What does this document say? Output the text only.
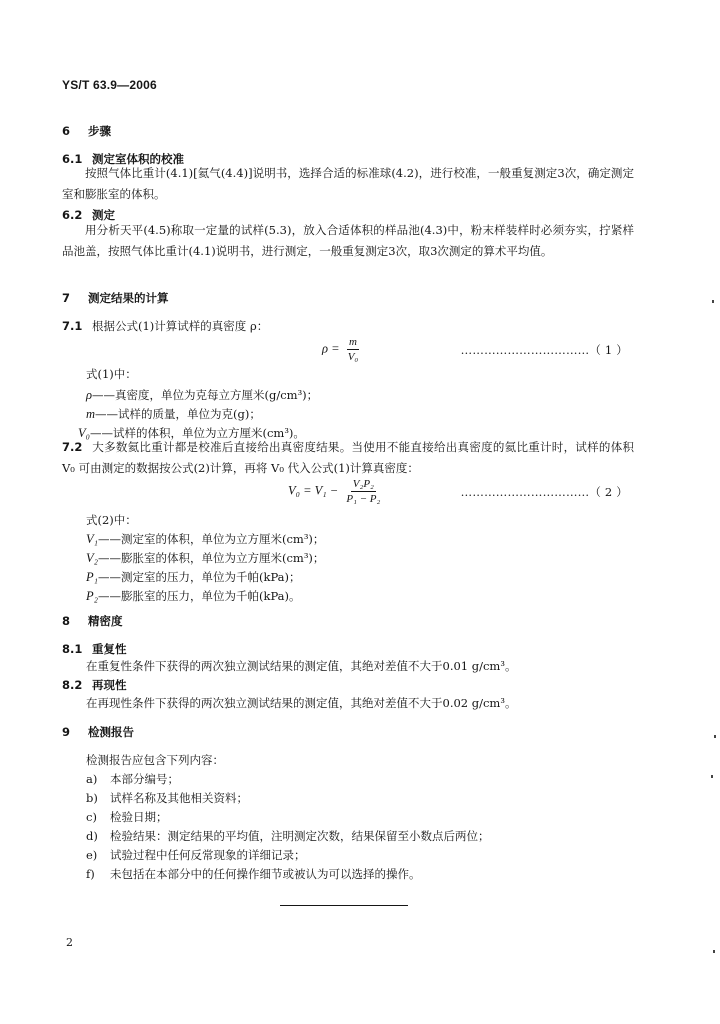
YS/T 63.9—2006
6 步骤
6.1 测定室体积的校准
按照气体比重计(4.1)[氦气(4.4)]说明书，选择合适的标准球(4.2)，进行校准，一般重复测定3次，确定测定室和膨胀室的体积。
6.2 测定
用分析天平(4.5)称取一定量的试样(5.3)，放入合适体积的样品池(4.3)中，粉末样装样时必须夯实，拧紧样品池盖，按照气体比重计(4.1)说明书，进行测定，一般重复测定3次，取3次测定的算术平均值。
7 测定结果的计算
7.1 根据公式(1)计算试样的真密度 ρ：
$\rho = \frac{m}{\text{V₀}}$	……………………………（ 1 ）
式(1)中：
ρ——真密度，单位为克每立方厘米(g/cm³)；
m——试样的质量，单位为克(g)；
V₀——试样的体积，单位为立方厘米(cm³)。
7.2 大多数氦比重计都是校准后直接给出真密度结果。当使用不能直接给出真密度的氦比重计时，试样的体积 V₀ 可由测定的数据按公式(2)计算，再将 V₀ 代入公式(1)计算真密度：
$V_0 = V_1 - \frac{\text{V₂P₂}}{\text{P₁ − P₂}}$	……………………………（ 2 ）
式(2)中：
V₁——测定室的体积，单位为立方厘米(cm³)；
V₂——膨胀室的体积，单位为立方厘米(cm³)；
P₁——测定室的压力，单位为千帕(kPa)；
P₂——膨胀室的压力，单位为千帕(kPa)。
8 精密度
8.1 重复性
在重复性条件下获得的两次独立测试结果的测定值，其绝对差值不大于0.01 g/cm³。
8.2 再现性
在再现性条件下获得的两次独立测试结果的测定值，其绝对差值不大于0.02 g/cm³。
9 检测报告
检测报告应包含下列内容：
a) 本部分编号；
b) 试样名称及其他相关资料；
c) 检验日期；
d) 检验结果：测定结果的平均值，注明测定次数，结果保留至小数点后两位；
e) 试验过程中任何反常现象的详细记录；
f) 未包括在本部分中的任何操作细节或被认为可以选择的操作。
2
